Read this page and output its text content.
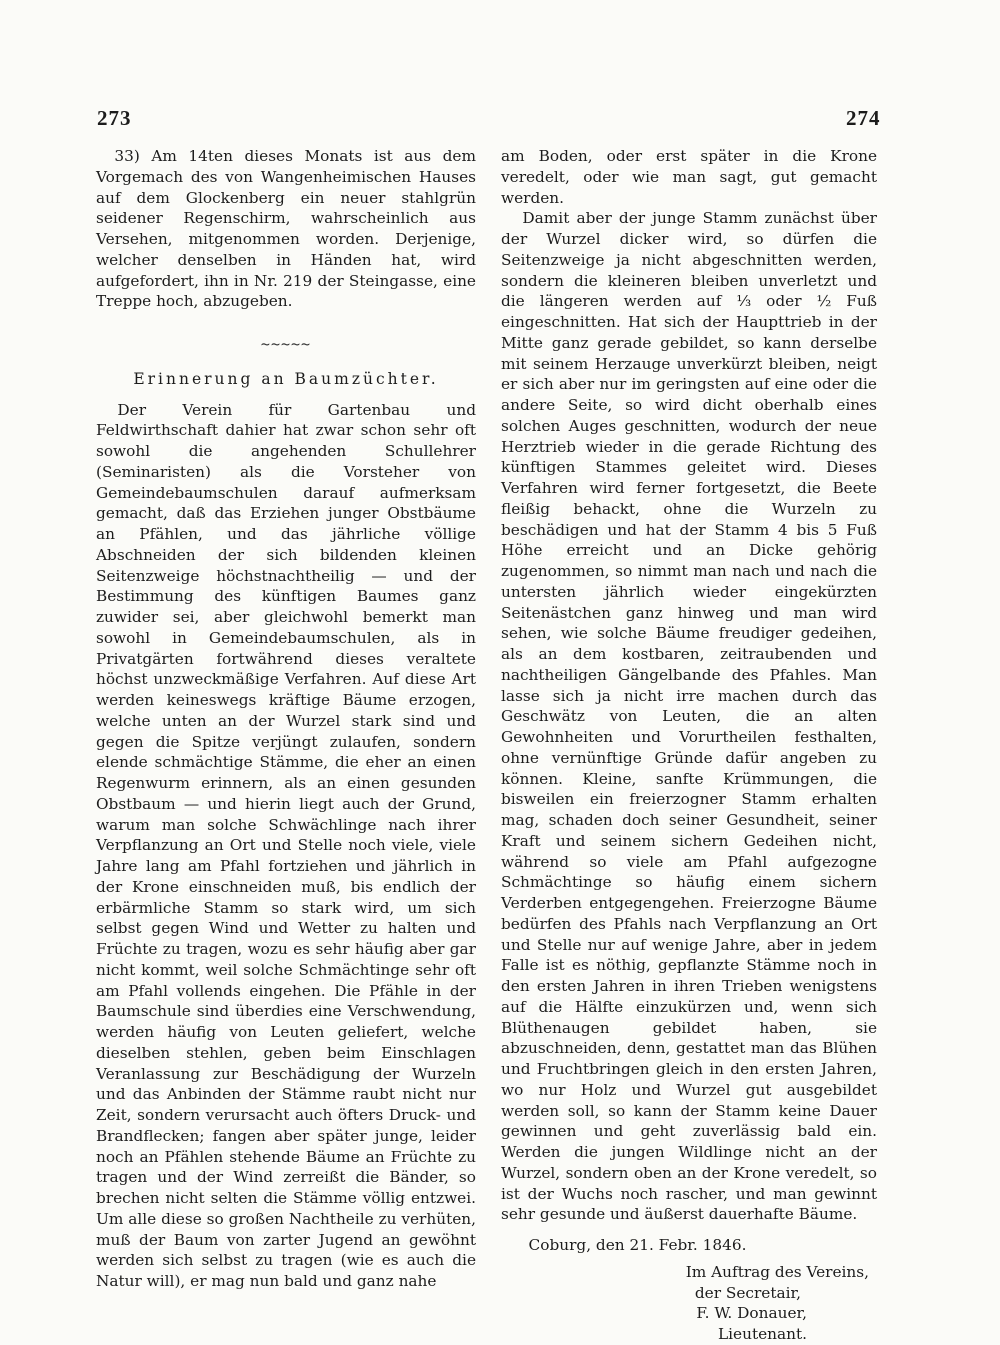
273	274

33) Am 14ten dieses Monats ist aus dem Vorgemach des von Wangenheimischen Hauses auf dem Glockenberg ein neuer stahlgrün seidener Regenschirm, wahrscheinlich aus Versehen, mitgenommen worden. Derjenige, welcher denselben in Händen hat, wird aufgefordert, ihn in Nr. 219 der Steingasse, eine Treppe hoch, abzugeben.

~~~~~
Erinnerung an Baumzüchter.

Der Verein für Gartenbau und Feldwirthschaft dahier hat zwar schon sehr oft sowohl die angehenden Schullehrer (Seminaristen) als die Vorsteher von Gemeindebaumschulen darauf aufmerksam gemacht, daß das Erziehen junger Obstbäume an Pfählen, und das jährliche völlige Abschneiden der sich bildenden kleinen Seitenzweige höchstnachtheilig — und der Bestimmung des künftigen Baumes ganz zuwider sei, aber gleichwohl bemerkt man sowohl in Gemeindebaumschulen, als in Privatgärten fortwährend dieses veraltete höchst unzweckmäßige Verfahren. Auf diese Art werden keineswegs kräftige Bäume erzogen, welche unten an der Wurzel stark sind und gegen die Spitze verjüngt zulaufen, sondern elende schmächtige Stämme, die eher an einen Regenwurm erinnern, als an einen gesunden Obstbaum — und hierin liegt auch der Grund, warum man solche Schwächlinge nach ihrer Verpflanzung an Ort und Stelle noch viele, viele Jahre lang am Pfahl fortziehen und jährlich in der Krone einschneiden muß, bis endlich der erbärmliche Stamm so stark wird, um sich selbst gegen Wind und Wetter zu halten und Früchte zu tragen, wozu es sehr häufig aber gar nicht kommt, weil solche Schmächtinge sehr oft am Pfahl vollends eingehen. Die Pfähle in der Baumschule sind überdies eine Verschwendung, werden häufig von Leuten geliefert, welche dieselben stehlen, geben beim Einschlagen Veranlassung zur Beschädigung der Wurzeln und das Anbinden der Stämme raubt nicht nur Zeit, sondern verursacht auch öfters Druck- und Brandflecken; fangen aber später junge, leider noch an Pfählen stehende Bäume an Früchte zu tragen und der Wind zerreißt die Bänder, so brechen nicht selten die Stämme völlig entzwei. Um alle diese so großen Nachtheile zu verhüten, muß der Baum von zarter Jugend an gewöhnt werden sich selbst zu tragen (wie es auch die Natur will), er mag nun bald und ganz nahe

am Boden, oder erst später in die Krone veredelt, oder wie man sagt, gut gemacht werden.

Damit aber der junge Stamm zunächst über der Wurzel dicker wird, so dürfen die Seitenzweige ja nicht abgeschnitten werden, sondern die kleineren bleiben unverletzt und die längeren werden auf ⅓ oder ½ Fuß eingeschnitten. Hat sich der Haupttrieb in der Mitte ganz gerade gebildet, so kann derselbe mit seinem Herzauge unverkürzt bleiben, neigt er sich aber nur im geringsten auf eine oder die andere Seite, so wird dicht oberhalb eines solchen Auges geschnitten, wodurch der neue Herztrieb wieder in die gerade Richtung des künftigen Stammes geleitet wird. Dieses Verfahren wird ferner fortgesetzt, die Beete fleißig behackt, ohne die Wurzeln zu beschädigen und hat der Stamm 4 bis 5 Fuß Höhe erreicht und an Dicke gehörig zugenommen, so nimmt man nach und nach die untersten jährlich wieder eingekürzten Seitenästchen ganz hinweg und man wird sehen, wie solche Bäume freudiger gedeihen, als an dem kostbaren, zeitraubenden und nachtheiligen Gängelbande des Pfahles. Man lasse sich ja nicht irre machen durch das Geschwätz von Leuten, die an alten Gewohnheiten und Vorurtheilen festhalten, ohne vernünftige Gründe dafür angeben zu können. Kleine, sanfte Krümmungen, die bisweilen ein freierzogner Stamm erhalten mag, schaden doch seiner Gesundheit, seiner Kraft und seinem sichern Gedeihen nicht, während so viele am Pfahl aufgezogne Schmächtinge so häufig einem sichern Verderben entgegengehen. Freierzogne Bäume bedürfen des Pfahls nach Verpflanzung an Ort und Stelle nur auf wenige Jahre, aber in jedem Falle ist es nöthig, gepflanzte Stämme noch in den ersten Jahren in ihren Trieben wenigstens auf die Hälfte einzukürzen und, wenn sich Blüthenaugen gebildet haben, sie abzuschneiden, denn, gestattet man das Blühen und Fruchtbringen gleich in den ersten Jahren, wo nur Holz und Wurzel gut ausgebildet werden soll, so kann der Stamm keine Dauer gewinnen und geht zuverlässig bald ein. Werden die jungen Wildlinge nicht an der Wurzel, sondern oben an der Krone veredelt, so ist der Wuchs noch rascher, und man gewinnt sehr gesunde und äußerst dauerhafte Bäume.

Coburg, den 21. Febr. 1846.

Im Auftrag des Vereins,

der Secretair,

F. W. Donauer,

Lieutenant.
